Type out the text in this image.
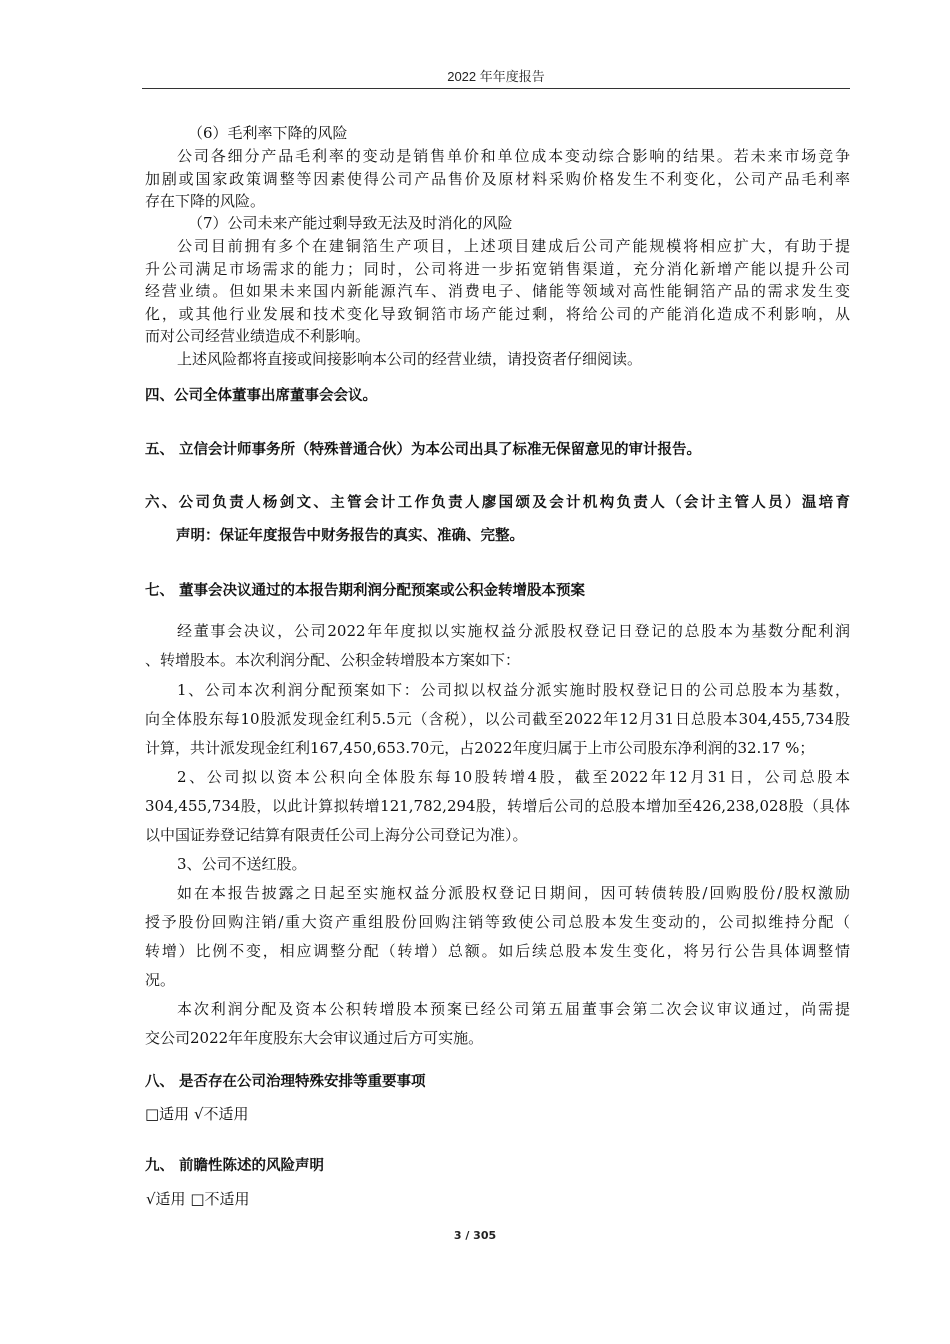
2022 年年度报告
（6）毛利率下降的风险
公司各细分产品毛利率的变动是销售单价和单位成本变动综合影响的结果。若未来市场竞争
加剧或国家政策调整等因素使得公司产品售价及原材料采购价格发生不利变化，公司产品毛利率
存在下降的风险。
（7）公司未来产能过剩导致无法及时消化的风险
公司目前拥有多个在建铜箔生产项目，上述项目建成后公司产能规模将相应扩大，有助于提
升公司满足市场需求的能力；同时，公司将进一步拓宽销售渠道，充分消化新增产能以提升公司
经营业绩。但如果未来国内新能源汽车、消费电子、储能等领域对高性能铜箔产品的需求发生变
化，或其他行业发展和技术变化导致铜箔市场产能过剩，将给公司的产能消化造成不利影响，从
而对公司经营业绩造成不利影响。
上述风险都将直接或间接影响本公司的经营业绩，请投资者仔细阅读。
四、公司全体董事出席董事会会议。
五、 立信会计师事务所（特殊普通合伙）为本公司出具了标准无保留意见的审计报告。
六、公司负责人杨剑文、主管会计工作负责人廖国颂及会计机构负责人（会计主管人员）温培育
声明：保证年度报告中财务报告的真实、准确、完整。
七、 董事会决议通过的本报告期利润分配预案或公积金转增股本预案
经董事会决议，公司2022年年度拟以实施权益分派股权登记日登记的总股本为基数分配利润
、转增股本。本次利润分配、公积金转增股本方案如下：
1、公司本次利润分配预案如下：公司拟以权益分派实施时股权登记日的公司总股本为基数，
向全体股东每10股派发现金红利5.5元（含税），以公司截至2022年12月31日总股本304,455,734股
计算，共计派发现金红利167,450,653.70元，占2022年度归属于上市公司股东净利润的32.17 %；
2、公司拟以资本公积向全体股东每10股转增4股，截至2022年12月31日，公司总股本
304,455,734股，以此计算拟转增121,782,294股，转增后公司的总股本增加至426,238,028股（具体
以中国证券登记结算有限责任公司上海分公司登记为准）。
3、公司不送红股。
如在本报告披露之日起至实施权益分派股权登记日期间，因可转债转股/回购股份/股权激励
授予股份回购注销/重大资产重组股份回购注销等致使公司总股本发生变动的，公司拟维持分配（
转增）比例不变，相应调整分配（转增）总额。如后续总股本发生变化，将另行公告具体调整情
况。
本次利润分配及资本公积转增股本预案已经公司第五届董事会第二次会议审议通过，尚需提
交公司2022年年度股东大会审议通过后方可实施。
八、 是否存在公司治理特殊安排等重要事项
□适用 √不适用
九、 前瞻性陈述的风险声明
√适用 □不适用
3 / 305
